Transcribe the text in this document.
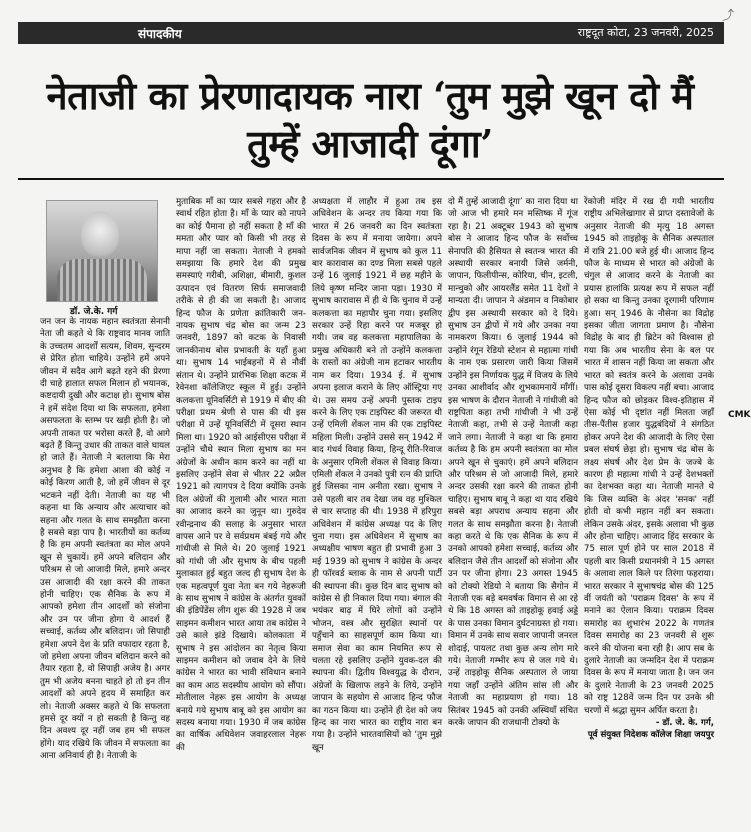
संपादकीय	राष्ट्रदूत कोटा, 23 जनवरी, 2025
⤴
नेताजी का प्रेरणादायक नारा ‘तुम मुझे खून दो मैं तुम्हें आजादी दूंगा’
डॉ. जे.के. गर्ग

जन जन के नायक महान स्वतंत्रता सेनानी नेता जी कहते थे कि राष्ट्रवाद मानव जाति के उच्चतम आदर्शों सत्यम, शिवम, सुन्दरम से प्रेरित होता चाहिये। उन्होंने हमें अपने जीवन में सदैव आगे बढ़ते रहने की प्रेरणा दी चाहे हालात सफल मिलान हों भयानक, कष्टदायी दुखी और कटाक्ष हो। सुभाष बोस ने हमें संदेश दिया था कि सफलता, हमेशा असफलता के स्तम्भ पर खड़ी होती है। जो अपनी ताकत पर भरोसा करते हैं, वो आगे बढ़ते हैं किन्तु उधार की ताकत वाले घायल हो जाते हैं। नेताजी ने बतलाया कि मेरा अनुभव है कि हमेशा आशा की कोई न कोई किरण आती है, जो हमें जीवन से दूर भटकने नहीं देती। नेताजी का यह भी कहना था कि अन्याय और अत्याचार को सहना और गलत के साथ समझौता करना है सबसे बड़ा पाप है। भारतीयों का कर्तव्य है कि हम अपनी स्वतंत्रता का मोल अपने खून से चुकायें। हमें अपने बलिदान और परिश्रम से जो आजादी मिले, हमारे अन्दर उस आजादी की रक्षा करने की ताकत होनी चाहिए। एक सैनिक के रूप में आपको हमेशा तीन आदर्शों को संजोना और उन पर जीना होगा ये आदर्श हैं सच्चाई, कर्तव्य और बलिदान। जो सिपाही हमेशा अपने देश के प्रति वफादार रहता है, जो हमेशा अपना जीवन बलिदान करने को तैयार रहता है, वो सिपाही अजेय है। अगर तुम भी अजेय बनना चाहते हो तो इन तीन आदर्शों को अपने हृदय में समाहित कर लो। नेताजी अक्सर कहते थे कि सफलता हमसे दूर क्यों न हो सकती है किन्तु वह दिन अवश्य दूर नहीं जब हम भी सफल होंगे। याद रखिये कि जीवन में सफलता का आना अनिवार्य ही है। नेताजी के

मुताबिक माँ का प्यार सबसे गहरा और है स्वार्थ रहित होता है। माँ के प्यार को नापने का कोई पैमाना हो नहीं सकता है माँ की ममता और प्यार को किसी भी तरह से मापा नहीं जा सकता। नेताजी ने हमको समझाया कि हमारे देश की प्रमुख समस्याएं गरीबी, अशिक्षा, बीमारी, कुशल उत्पादन एवं वितरण सिर्फ समाजवादी तरीके से ही की जा सकती है। आजाद हिन्द फौज के प्रणेता क्रांतिकारी जन-नायक सुभाष चंद्र बोस का जन्म 23 जनवरी, 1897 को कटक के निवासी जानकीनाथ बोस प्रभावती के यहाँ हुआ था। सुभाष 14 भाईबहनों में से नौवीं संतान थे। उन्होंने प्रारंभिक शिक्षा कटक में रेवेनशा कॉलेजिएट स्कूल में हुई। उन्होंने कलकत्ता यूनिवर्सिटी से 1919 में बीए की परीक्षा प्रथम श्रेणी से पास की थी इस परीक्षा में उन्हें यूनिवर्सिटी में दूसरा स्थान मिला था। 1920 को आईसीएस परीक्षा में उन्होंने चौथे स्थान मिला सुभाष का मन अंग्रेजों के अधीन काम करने का नहीं था इसलिए उन्होंने सेवा से भीतर 22 अप्रैल 1921 को त्यागपत्र दे दिया क्योंकि उनके दिल अंग्रेजों की गुलामी और भारत माता का आजाद करने का जुनून था। गुरुदेव रवीन्द्रनाथ की सलाह के अनुसार भारत वापस आने पर वे सर्वप्रथम बंबई गये और गांधीजी से मिले थे। 20 जुलाई 1921 को गांधी जी और सुभाष के बीच पहली मुलाकात हुई बहुत जल्द ही सुभाष देश के एक महत्वपूर्ण युवा नेता बन गये नेहरूजी के साथ सुभाष ने कांग्रेस के अंतर्गत युवकों की इंडिपेंडेंस लीग शुरू की 1928 में जब साइमन कमीशन भारत आया तब कांग्रेस ने उसे काले झंडे दिखाये। कोलकाता में सुभाष ने इस आंदोलन का नेतृत्व किया साइमन कमीशन को जवाब देने के लिये कांग्रेस ने भारत का भावी संविधान बनाने का काम आठ सदस्यीय आयोग को सौंपा। मोतीलाल नेहरू इस आयोग के अध्यक्ष बनाये गये सुभाष बाबू को इस आयोग का सदस्य बनाया गया। 1930 में जब कांग्रेस का वार्षिक अधिवेशन जवाहरलाल नेहरू की

अध्यक्षता में लाहौर में हुआ तब इस अधिवेशन के अन्दर तय किया गया कि भारत में 26 जनवरी का दिन स्वतंत्रता दिवस के रूप में मनाया जायेगा। अपने सार्वजनिक जीवन में सुभाष को कुल 11 बार कारावास का दण्ड मिला सबसे पहले उन्हें 16 जुलाई 1921 में छह महीने के लिये कृष्ण मन्दिर जाना पड़ा। 1930 में सुभाष कारावास में ही थे कि चुनाव में उन्हें कलकत्ता का महापौर चुना गया। इसलिए सरकार उन्हें रिहा करने पर मजबूर हो गयी। जब वह कलकत्ता महापालिका के प्रमुख अधिकारी बने तो उन्होंने कलकत्ता के रास्तों का अंग्रेजी नाम हटाकर भारतीय नाम कर दिया। 1934 ई. में सुभाष अपना इलाज कराने के लिए ऑस्ट्रिया गए थे। उस समय उन्हें अपनी पुस्तक टाइप करने के लिए एक टाइपिस्ट की जरूरत थी उन्हें एमिली शेंकल नाम की एक टाइपिस्ट महिला मिली। उन्होंने उससे सन् 1942 में बाद गंधर्व विवाह किया, हिन्दू रीति-रिवाज के अनुसार एमिली शेंकल से विवाह किया। एमिली शेंकल ने उनको पुत्री रत्न की प्राप्ति हुई जिसका नाम अनीता रखा। सुभाष ने उसे पहली बार तब देखा जब वह मुश्किल से चार सप्ताह की थी। 1938 में हरिपुरा अधिवेशन में कांग्रेस अध्यक्ष पद के लिए चुना गया। इस अधिवेशन में सुभाष का अध्यक्षीय भाषण बहुत ही प्रभावी हुआ 3 मई 1939 को सुभाष ने कांग्रेस के अन्दर ही फॉरवर्ड ब्लाक के नाम से अपनी पार्टी की स्थापना की। कुछ दिन बाद सुभाष को कांग्रेस से ही निकाल दिया गया। बंगाल की भयंकर बाढ़ में घिरे लोगों को उन्होंने भोजन, वस्त्र और सुरक्षित स्थानों पर पहुँचाने का साहसपूर्ण काम किया था। समाज सेवा का काम नियमित रूप से चलता रहे इसलिए उन्होंने युवक-दल की स्थापना की। द्वितीय विश्वयुद्ध के दौरान, अंग्रेजों के खिलाफ लड़ने के लिये, उन्होंने जापान के सहयोग से आजाद हिन्द फौज का गठन किया था। उन्होंने ही देश को जय हिन्द का नारा भारत का राष्ट्रीय नारा बन गया है। उन्होंने भारतवासियों को ‘तुम मुझे खून

दो मैं तुम्हें आजादी दूंगा’ का नारा दिया था जो आज भी हमारे मन मस्तिष्क में गूंज रहा है। 21 अक्टूबर 1943 को सुभाष बोस ने आजाद हिन्द फौज के सर्वोच्च सेनापति की हैसियत से स्वतन्त्र भारत की अस्थायी सरकार बनायी जिसे जर्मनी, जापान, फिलीपीन्स, कोरिया, चीन, इटली, मान्चुको और आयरलैंड समेत 11 देशों ने मान्यता दी। जापान ने अंडमान व निकोबार द्वीप इस अस्थायी सरकार को दे दिये। सुभाष उन द्वीपों में गये और उनका नया नामकरण किया। 6 जुलाई 1944 को उन्होंने रंगून रेडियो स्टेशन से महात्मा गांधी के नाम एक प्रसारण जारी किया जिसमें उन्होंने इस निर्णायक युद्ध में विजय के लिये उनका आशीर्वाद और शुभकामनायें माँगीं। इस भाषण के दौरान नेताजी ने गांधीजी को राष्ट्रपिता कहा तभी गांधीजी ने भी उन्हें नेताजी कहा, तभी से उन्हें नेताजी कहा जाने लगा। नेताजी ने कहा था कि हमारा कर्तव्य है कि हम अपनी स्वतंत्रता का मोल अपने खून से चुकाएं। हमें अपने बलिदान और परिश्रम से जो आजादी मिले, हमारे अन्दर उसकी रक्षा करने की ताकत होनी चाहिए। सुभाष बाबू ने कहा था याद रखिये सबसे बड़ा अपराध अन्याय सहना और गलत के साथ समझौता करना है। नेताजी कहा करते थे कि एक सैनिक के रूप में उनको आपको हमेशा सच्चाई, कर्तव्य और बलिदान जैसे तीन आदर्शों को संजोना और उन पर जीना होगा। 23 अगस्त 1945 को टोक्यो रेडियो ने बताया कि सैगोन में नेताजी एक बड़े बमवर्षक विमान से आ रहे थे कि 18 अगस्त को ताइहोकू हवाई अड्डे के पास उनका विमान दुर्घटनाग्रस्त हो गया। विमान में उनके साथ सवार जापानी जनरल शोदाई, पायलट तथा कुछ अन्य लोग मारे गये। नेताजी गम्भीर रूप से जल गये थे। उन्हें ताइहोकू सैनिक अस्पताल ले जाया गया जहाँ उन्होंने अंतिम सांस ली और नेताजी का महाप्रयाण हो गया। 18 सितंबर 1945 को उनकी अस्थियाँ संचित करके जापान की राजधानी टोक्यो के

रेंकोजी मंदिर में रख दी गयी भारतीय राष्ट्रीय अभिलेखागार से प्राप्त दस्तावेजों के अनुसार नेताजी की मृत्यु 18 अगस्त 1945 को ताइहोकू के सैनिक अस्पताल में रात्रि 21.00 बजे हुई थी। आजाद हिन्द फौज के माध्यम से भारत को अंग्रेजों के चंगुल से आजाद करने के नेताजी का प्रयास हालांकि प्रत्यक्ष रूप में सफल नहीं हो सका था किन्तु उनका दूरगामी परिणाम हुआ। सन् 1946 के नौसेना का विद्रोह इसका जीता जागता प्रमाण है। नौसेना विद्रोह के बाद ही ब्रिटेन को विश्वास हो गया कि अब भारतीय सेना के बल पर भारत में शासन नहीं किया जा सकता और भारत को स्वतंत्र करने के अलावा उनके पास कोई दूसरा विकल्प नहीं बचा। आजाद हिन्द फौज को छोड़कर विश्व-इतिहास में ऐसा कोई भी दृष्टांत नहीं मिलता जहाँ तीस-पैंतीस हजार युद्धबंदियों ने संगठित होकर अपने देश की आजादी के लिए ऐसा प्रबल संघर्ष छेड़ा हो। सुभाष चंद्र बोस के लक्ष्य संघर्ष और देश प्रेम के जज्बे के कारण ही महात्मा गांधी ने उन्हें देशभक्तों का देशभक्त कहा था। नेताजी मानते थे कि जिस व्यक्ति के अंदर 'सनक' नहीं होती वो कभी महान नहीं बन सकता। लेकिन उसके अंदर, इसके अलावा भी कुछ और होना चाहिए। आजाद हिंद सरकार के 75 साल पूर्ण होने पर साल 2018 में पहली बार किसी प्रधानमंत्री ने 15 अगस्त के अलावा लाल किले पर तिरंगा फहराया। भारत सरकार ने सुभाषचंद्र बोस की 125 वीं जयंती को 'पराक्रम दिवस' के रूप में मनाने का ऐलान किया। पराक्रम दिवस समारोह का शुभारंभ 2022 के गणतंत्र दिवस समारोह का 23 जनवरी से शुरू करने की योजना बना रही है। आप सब के दुलारे नेताजी का जन्मदिन देश में पराक्रम दिवस के रूप में मनाया जाता है। जन जन के दुलारे नेताजी के 23 जनवरी 2025 को राष्ट्र 128वें जन्म दिन पर उनके श्री चरणों में श्रद्धा सुमन अर्पित करता है।

- डॉ. जे. के. गर्ग,

पूर्व संयुक्त निदेशक कॉलेज शिक्षा जयपुर

CMK
